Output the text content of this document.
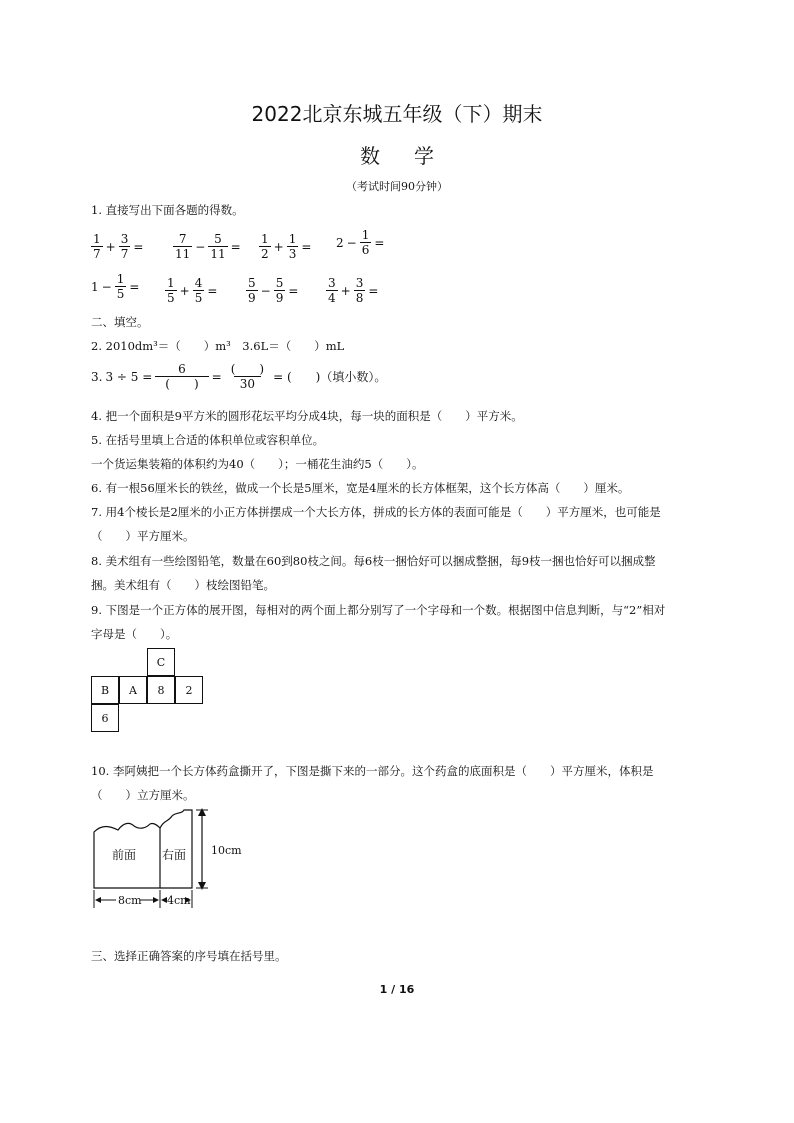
2022北京东城五年级（下）期末
数学
（考试时间90分钟）
1. 直接写出下面各题的得数。
$\frac{1}{7} + \frac{3}{7} = \frac{7}{11} - \frac{5}{11} = \frac{1}{2} + \frac{1}{3} = 2 - \frac{1}{6}$ =
$1 - \frac{1}{5} = \frac{1}{5} + \frac{4}{5} = \frac{5}{9} - \frac{5}{9} = \frac{3}{4} + \frac{3}{8}$ =
二、填空。
2. 2010dm³＝（　　）m³　3.6L＝（　　）mL
3. $3 \div 5 = \frac{6}{( )} = \frac{( )}{30}$ = (　　)（填小数）。
4. 把一个面积是9平方米的圆形花坛平均分成4块，每一块的面积是（　　）平方米。
5. 在括号里填上合适的体积单位或容积单位。
一个货运集装箱的体积约为40（　　）；一桶花生油约5（　　）。
6. 有一根56厘米长的铁丝，做成一个长是5厘米，宽是4厘米的长方体框架，这个长方体高（　　）厘米。
7. 用4个棱长是2厘米的小正方体拼摆成一个大长方体，拼成的长方体的表面可能是（　　）平方厘米，也可能是
（　　）平方厘米。
8. 美术组有一些绘图铅笔，数量在60到80枝之间。每6枝一捆恰好可以捆成整捆，每9枝一捆也恰好可以捆成整
捆。美术组有（　　）枝绘图铅笔。
9. 下图是一个正方体的展开图，每相对的两个面上都分别写了一个字母和一个数。根据图中信息判断，与“2”相对
字母是（　　）。
C
B	A	8	2
6
10. 李阿姨把一个长方体药盒撕开了，下图是撕下来的一部分。这个药盒的底面积是（　　）平方厘米，体积是
（　　）立方厘米。
前面 右面 10cm
8cm 4cm
三、选择正确答案的序号填在括号里。
1 / 16
